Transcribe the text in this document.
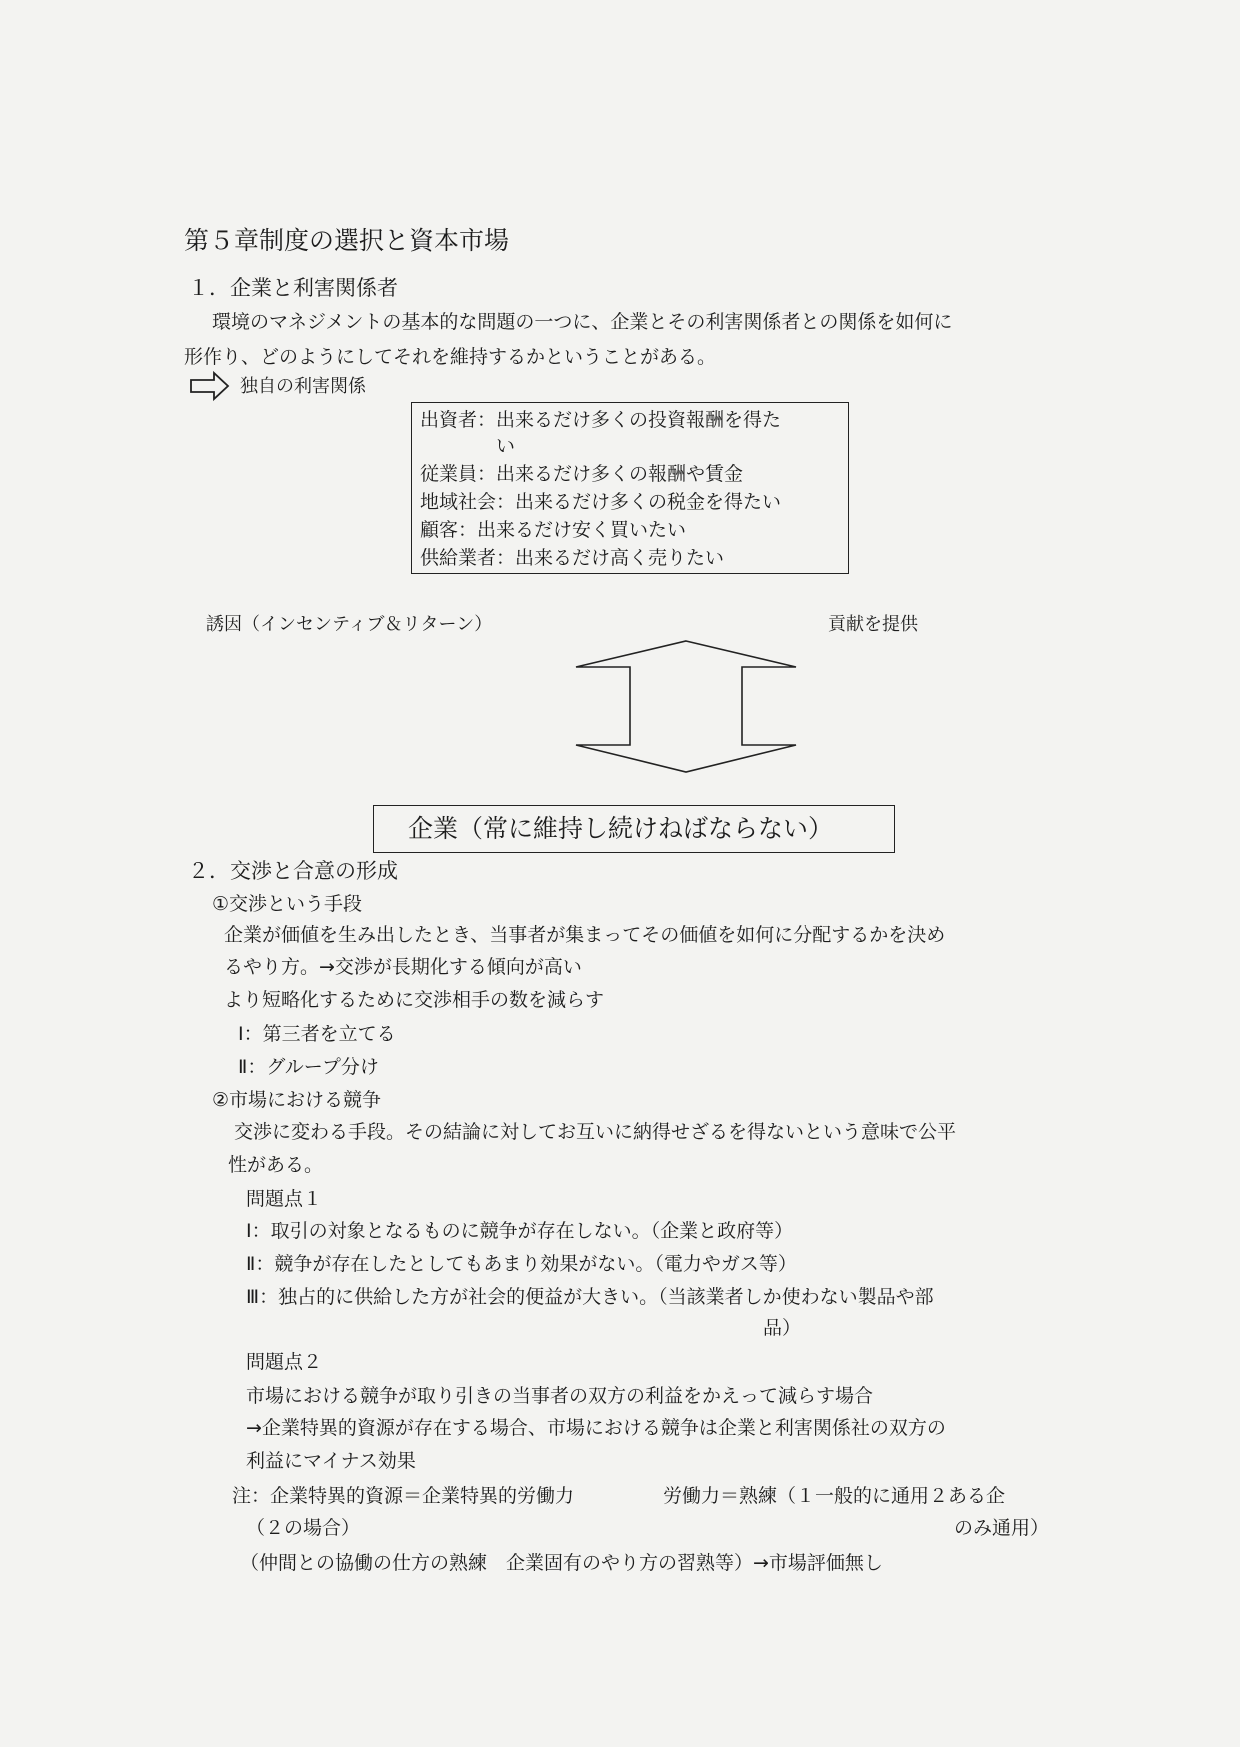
第５章制度の選択と資本市場
１．企業と利害関係者
環境のマネジメントの基本的な問題の一つに、企業とその利害関係者との関係を如何に
形作り、どのようにしてそれを維持するかということがある。
独自の利害関係
出資者：出来るだけ多くの投資報酬を得た
　　　　い
従業員：出来るだけ多くの報酬や賃金
地域社会：出来るだけ多くの税金を得たい
顧客：出来るだけ安く買いたい
供給業者：出来るだけ高く売りたい
誘因（インセンティブ＆リターン）	貢献を提供
企業（常に維持し続けねばならない）
２．交渉と合意の形成
①交渉という手段
企業が価値を生み出したとき、当事者が集まってその価値を如何に分配するかを決め
るやり方。→交渉が長期化する傾向が高い
より短略化するために交渉相手の数を減らす
Ⅰ：第三者を立てる
Ⅱ：グループ分け
②市場における競争
交渉に変わる手段。その結論に対してお互いに納得せざるを得ないという意味で公平
性がある。
問題点１
Ⅰ：取引の対象となるものに競争が存在しない。（企業と政府等）
Ⅱ：競争が存在したとしてもあまり効果がない。（電力やガス等）
Ⅲ：独占的に供給した方が社会的便益が大きい。（当該業者しか使わない製品や部
品）
問題点２
市場における競争が取り引きの当事者の双方の利益をかえって減らす場合
→企業特異的資源が存在する場合、市場における競争は企業と利害関係社の双方の
利益にマイナス効果
注：企業特異的資源＝企業特異的労働力	労働力＝熟練（１一般的に通用２ある企
（２の場合）	のみ通用）
（仲間との協働の仕方の熟練　企業固有のやり方の習熟等）→市場評価無し
